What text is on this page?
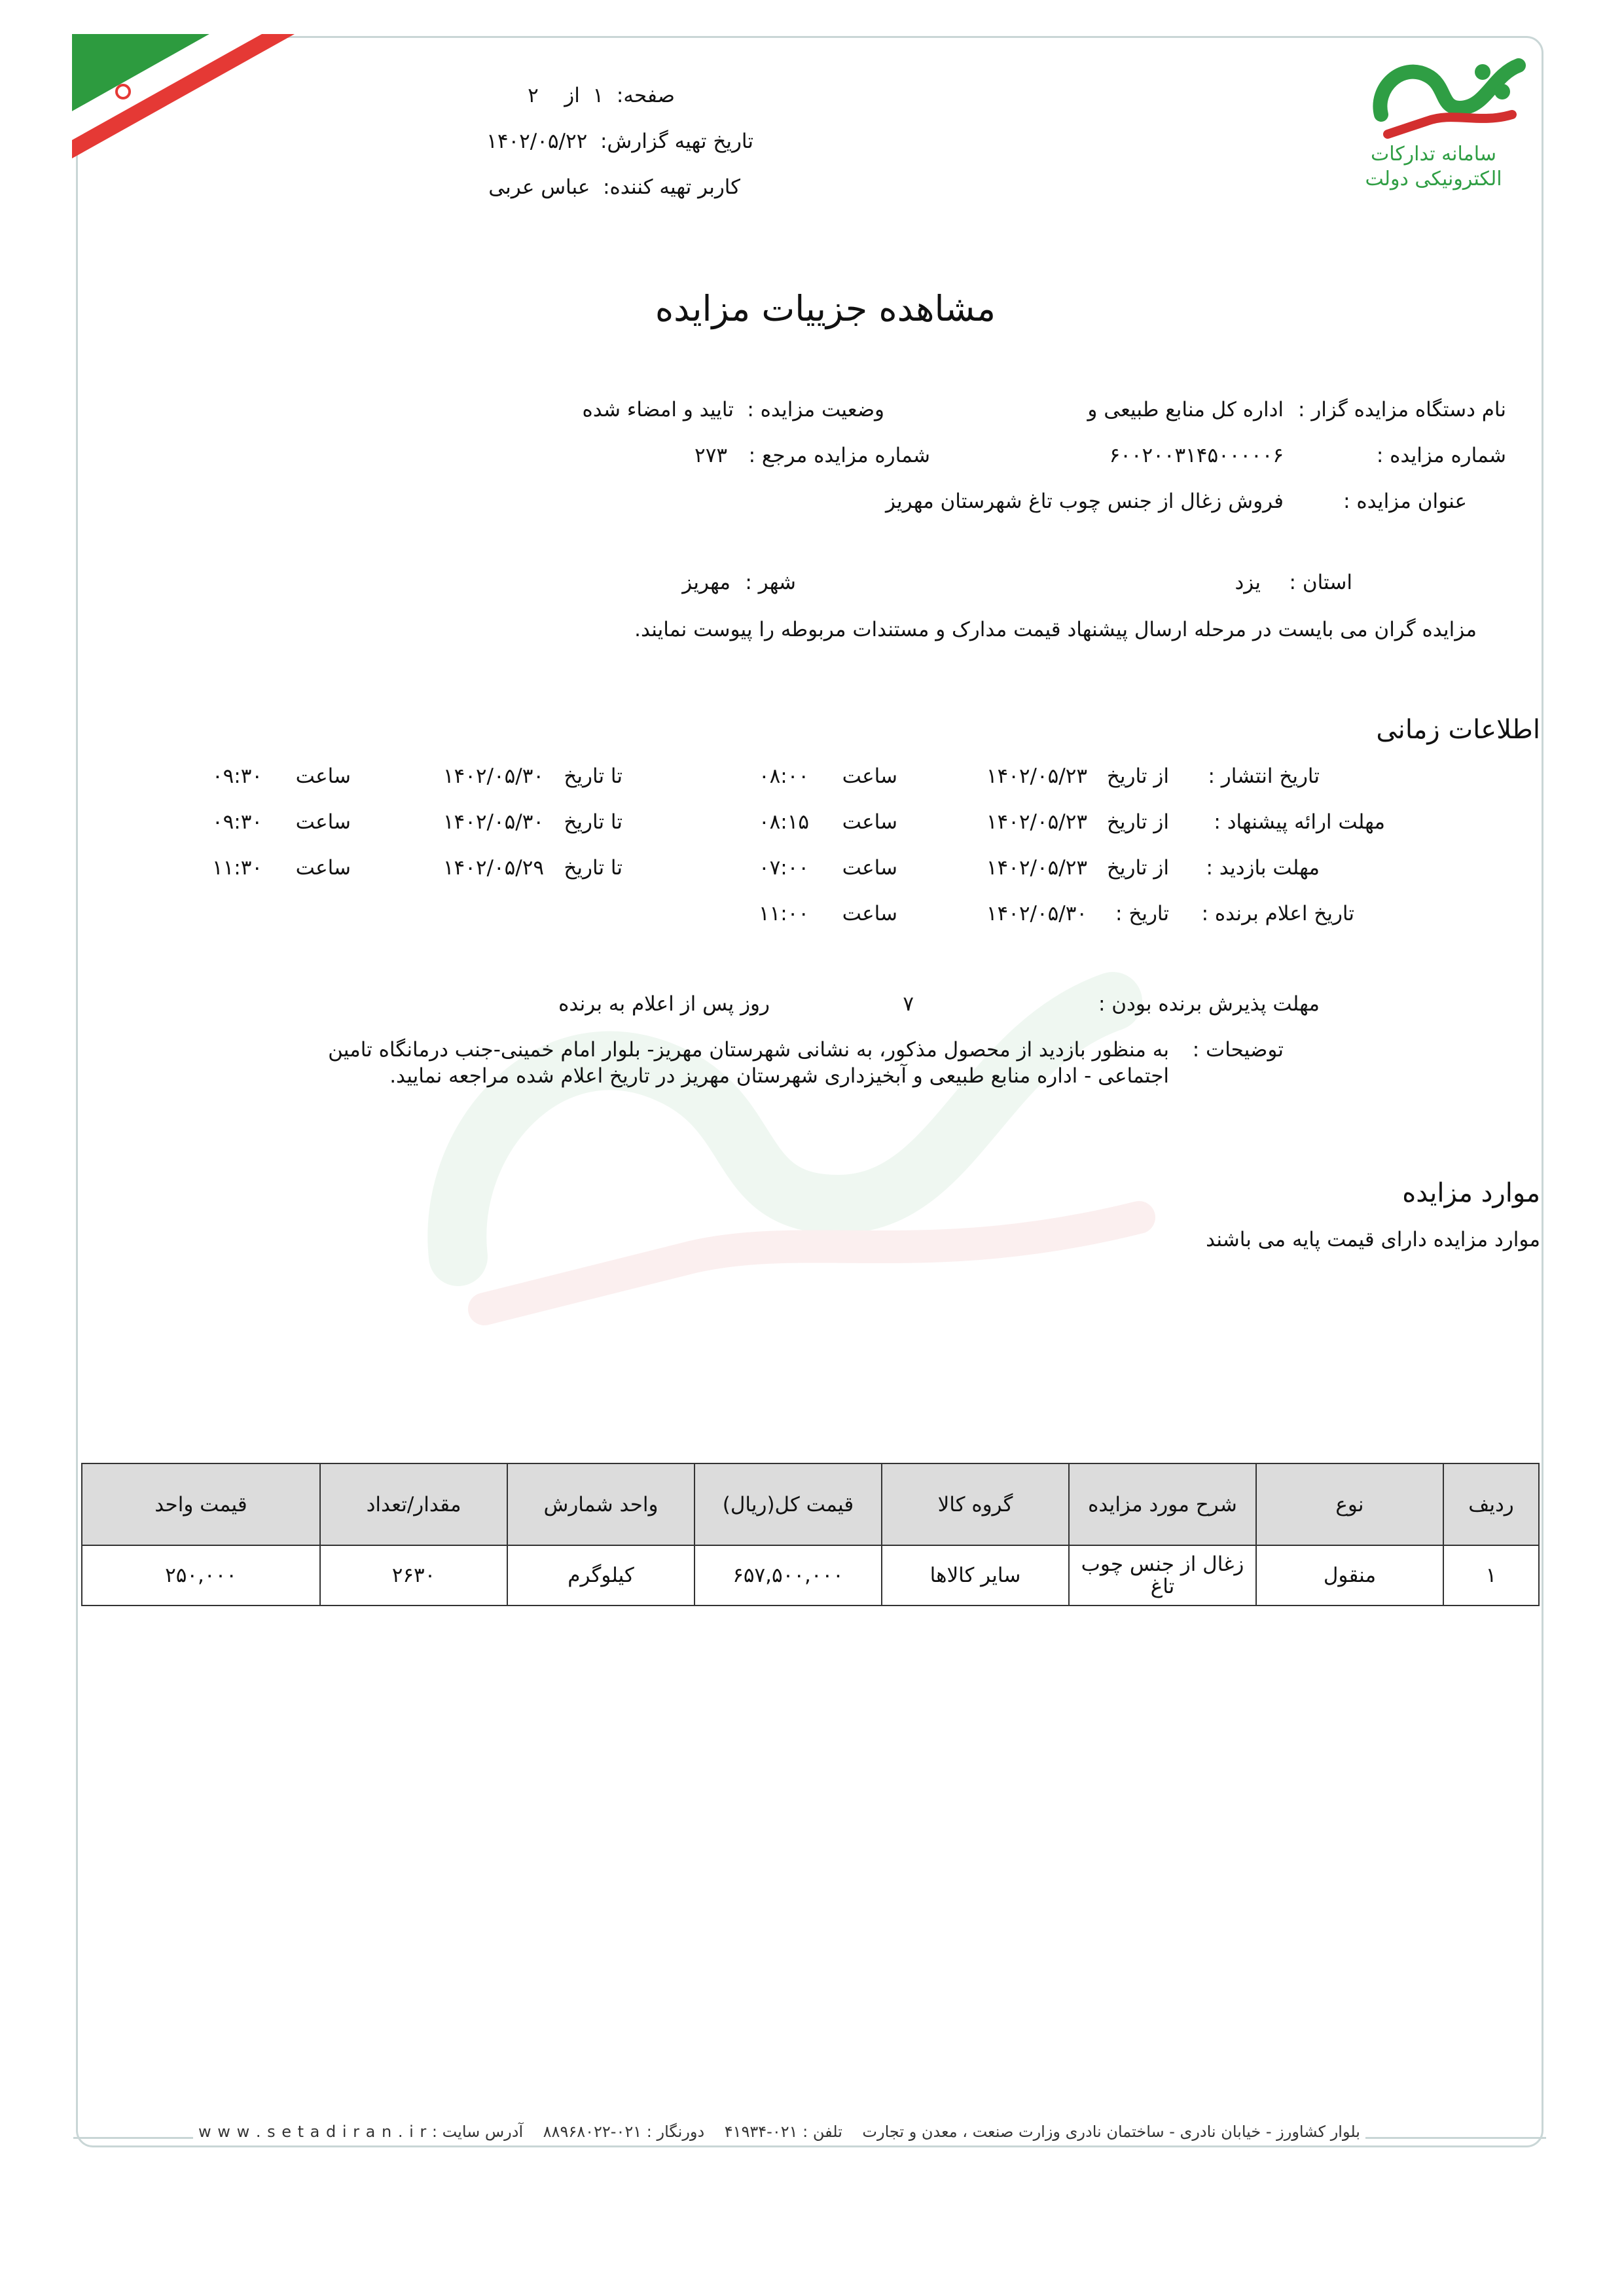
سامانه تدارکات
الکترونیکی دولت
صفحه:  ۱  از    ۲
تاریخ تهیه گزارش:  ۱۴۰۲/۰۵/۲۲
کاربر تهیه کننده:  عباس عربی
مشاهده جزییات مزایده
نام دستگاه مزایده گزار :
اداره کل منابع طبیعی و
وضعیت مزایده :
تایید و امضاء شده
شماره مزایده :
۶۰۰۲۰۰۳۱۴۵۰۰۰۰۰۶
شماره مزایده مرجع :
۲۷۳
عنوان مزایده :
فروش زغال از جنس چوب تاغ شهرستان مهریز
استان :
یزد
شهر :
مهریز
مزایده گران می بایست در مرحله ارسال پیشنهاد قیمت مدارک و مستندات مربوطه را پیوست نمایند.
اطلاعات زمانی
تاریخ انتشار :
از تاریخ
۱۴۰۲/۰۵/۲۳
ساعت
۰۸:۰۰
تا تاریخ
۱۴۰۲/۰۵/۳۰
ساعت
۰۹:۳۰
مهلت ارائه پیشنهاد :
از تاریخ
۱۴۰۲/۰۵/۲۳
ساعت
۰۸:۱۵
تا تاریخ
۱۴۰۲/۰۵/۳۰
ساعت
۰۹:۳۰
مهلت بازدید :
از تاریخ
۱۴۰۲/۰۵/۲۳
ساعت
۰۷:۰۰
تا تاریخ
۱۴۰۲/۰۵/۲۹
ساعت
۱۱:۳۰
تاریخ اعلام برنده :
تاریخ :
۱۴۰۲/۰۵/۳۰
ساعت
۱۱:۰۰
مهلت پذیرش برنده بودن :
۷
روز پس از اعلام به برنده
توضیحات :
به منظور بازدید از محصول مذکور، به نشانی شهرستان مهریز- بلوار امام خمینی-جنب درمانگاه تامین
اجتماعی - اداره منابع طبیعی و آبخیزداری شهرستان مهریز در تاریخ اعلام شده مراجعه نمایید.
موارد مزایده
موارد مزایده دارای قیمت پایه می باشند
ردیف	نوع	شرح مورد مزایده	گروه کالا	قیمت کل(ریال)	واحد شمارش	مقدار/تعداد	قیمت واحد
۱	منقول	زغال از جنس چوب تاغ	سایر کالاها	۶۵۷,۵۰۰,۰۰۰	کیلوگرم	۲۶۳۰	۲۵۰,۰۰۰
بلوار کشاورز - خیابان نادری - ساختمان نادری وزارت صنعت ، معدن و تجارت    تلفن : ۰۲۱-۴۱۹۳۴    دورنگار : ۰۲۱-۸۸۹۶۸۰۲۲    آدرس سایت : w w w . s e t a d i r a n . i r
